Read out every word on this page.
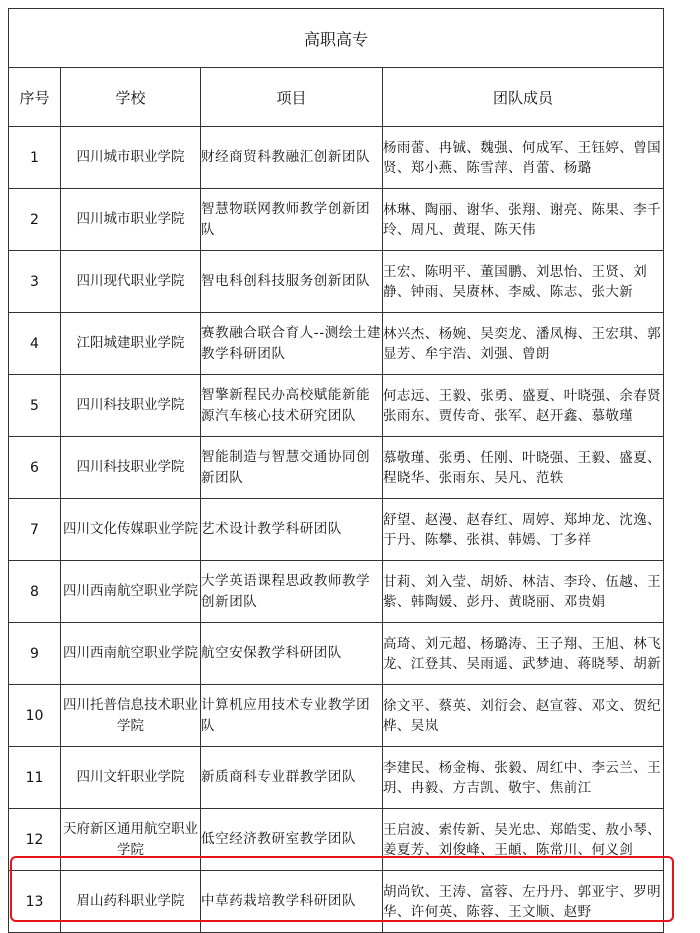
高职高专			
序号	学校	项目	团队成员
1	四川城市职业学院	财经商贸科教融汇创新团队	杨雨蕾、冉铖、魏强、何成军、王钰婷、曾国贤、郑小燕、陈雪萍、肖蕾、杨璐
2	四川城市职业学院	智慧物联网教师教学创新团队	林琳、陶丽、谢华、张翔、谢亮、陈果、李千玲、周凡、黄琨、陈天伟
3	四川现代职业学院	智电科创科技服务创新团队	王宏、陈明平、董国鹏、刘思怡、王贤、刘静、钟雨、吴赓林、李威、陈志、张大新
4	江阳城建职业学院	赛教融合联合育人--测绘土建教学科研团队	林兴杰、杨婉、吴奕龙、潘凤梅、王宏琪、郭显芳、牟宇浩、刘强、曾朗
5	四川科技职业学院	智擎新程民办高校赋能新能源汽车核心技术研究团队	何志远、王毅、张勇、盛夏、叶晓强、余春贤张雨东、贾传奇、张军、赵开鑫、慕敬瑾
6	四川科技职业学院	智能制造与智慧交通协同创新团队	慕敬瑾、张勇、任刚、叶晓强、王毅、盛夏、程晓华、张雨东、吴凡、范轶
7	四川文化传媒职业学院	艺术设计教学科研团队	舒望、赵漫、赵春红、周婷、郑坤龙、沈逸、于丹、陈攀、张祺、韩嫣、丁多祥
8	四川西南航空职业学院	大学英语课程思政教师教学创新团队	甘莉、刘入莹、胡娇、林洁、李玲、伍越、王紫、韩陶媛、彭丹、黄晓丽、邓贵娟
9	四川西南航空职业学院	航空安保教学科研团队	高琦、刘元超、杨璐涛、王子翔、王旭、林飞龙、江登其、吴雨遥、武梦迪、蒋晓琴、胡新
10	四川托普信息技术职业学院	计算机应用技术专业教学团队	徐文平、蔡英、刘衍会、赵宣蓉、邓文、贺纪桦、吴岚
11	四川文轩职业学院	新质商科专业群教学团队	李建民、杨金梅、张毅、周红中、李云兰、王玥、冉毅、方吉凯、敬宇、焦前江
12	天府新区通用航空职业学院	低空经济教研室教学团队	王启波、索传新、吴光忠、郑皓雯、敖小琴、姜夏芳、刘俊峰、王頔、陈常川、何义剑
13	眉山药科职业学院	中草药栽培教学科研团队	胡尚钦、王涛、富蓉、左丹丹、郭亚宇、罗明华、许何英、陈蓉、王文顺、赵野
